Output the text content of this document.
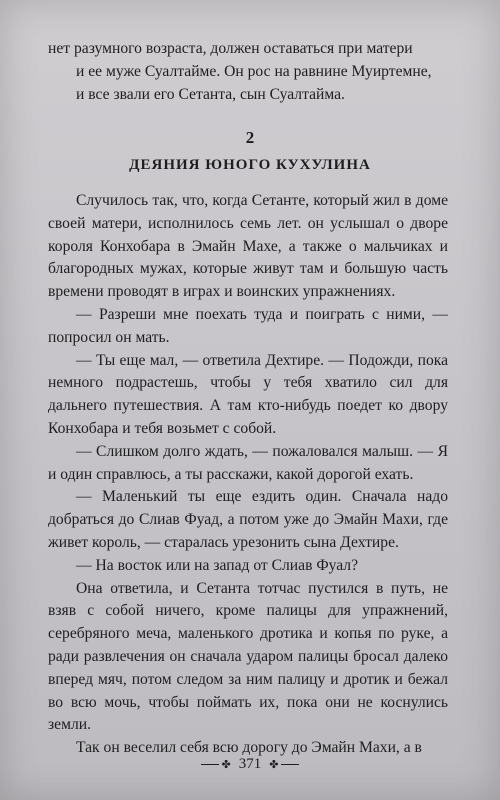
нет разумного возраста, должен оставаться при матери

и ее муже Суалтайме. Он рос на равнине Муиртемне,

и все звали его Сетанта, сын Суалтайма.

2
ДЕЯНИЯ ЮНОГО КУХУЛИНА

Случилось так, что, когда Сетанте, который жил в доме своей матери, исполнилось семь лет. он услышал о дворе короля Конхобара в Эмайн Махе, а также о мальчиках и благородных мужах, которые живут там и большую часть времени проводят в играх и воинских упражнениях.

— Разреши мне поехать туда и поиграть с ними, — попросил он мать.

— Ты еще мал, — ответила Дехтире. — Подожди, пока немного подрастешь, чтобы у тебя хватило сил для дальнего путешествия. А там кто-нибудь поедет ко двору Конхобара и тебя возьмет с собой.

— Слишком долго ждать, — пожаловался малыш. — Я и один справлюсь, а ты расскажи, какой дорогой ехать.

— Маленький ты еще ездить один. Сначала надо добраться до Слиав Фуад, а потом уже до Эмайн Махи, где живет король, — старалась урезонить сына Дехтире.

— На восток или на запад от Слиав Фуал?

Она ответила, и Сетанта тотчас пустился в путь, не взяв с собой ничего, кроме палицы для упражнений, серебряного меча, маленького дротика и копья по руке, а ради развлечения он сначала ударом палицы бросал далеко вперед мяч, потом следом за ним палицу и дротик и бежал во всю мочь, чтобы поймать их, пока они не коснулись земли.

Так он веселил себя всю дорогу до Эмайн Махи, а в

✤ 371 ✤
